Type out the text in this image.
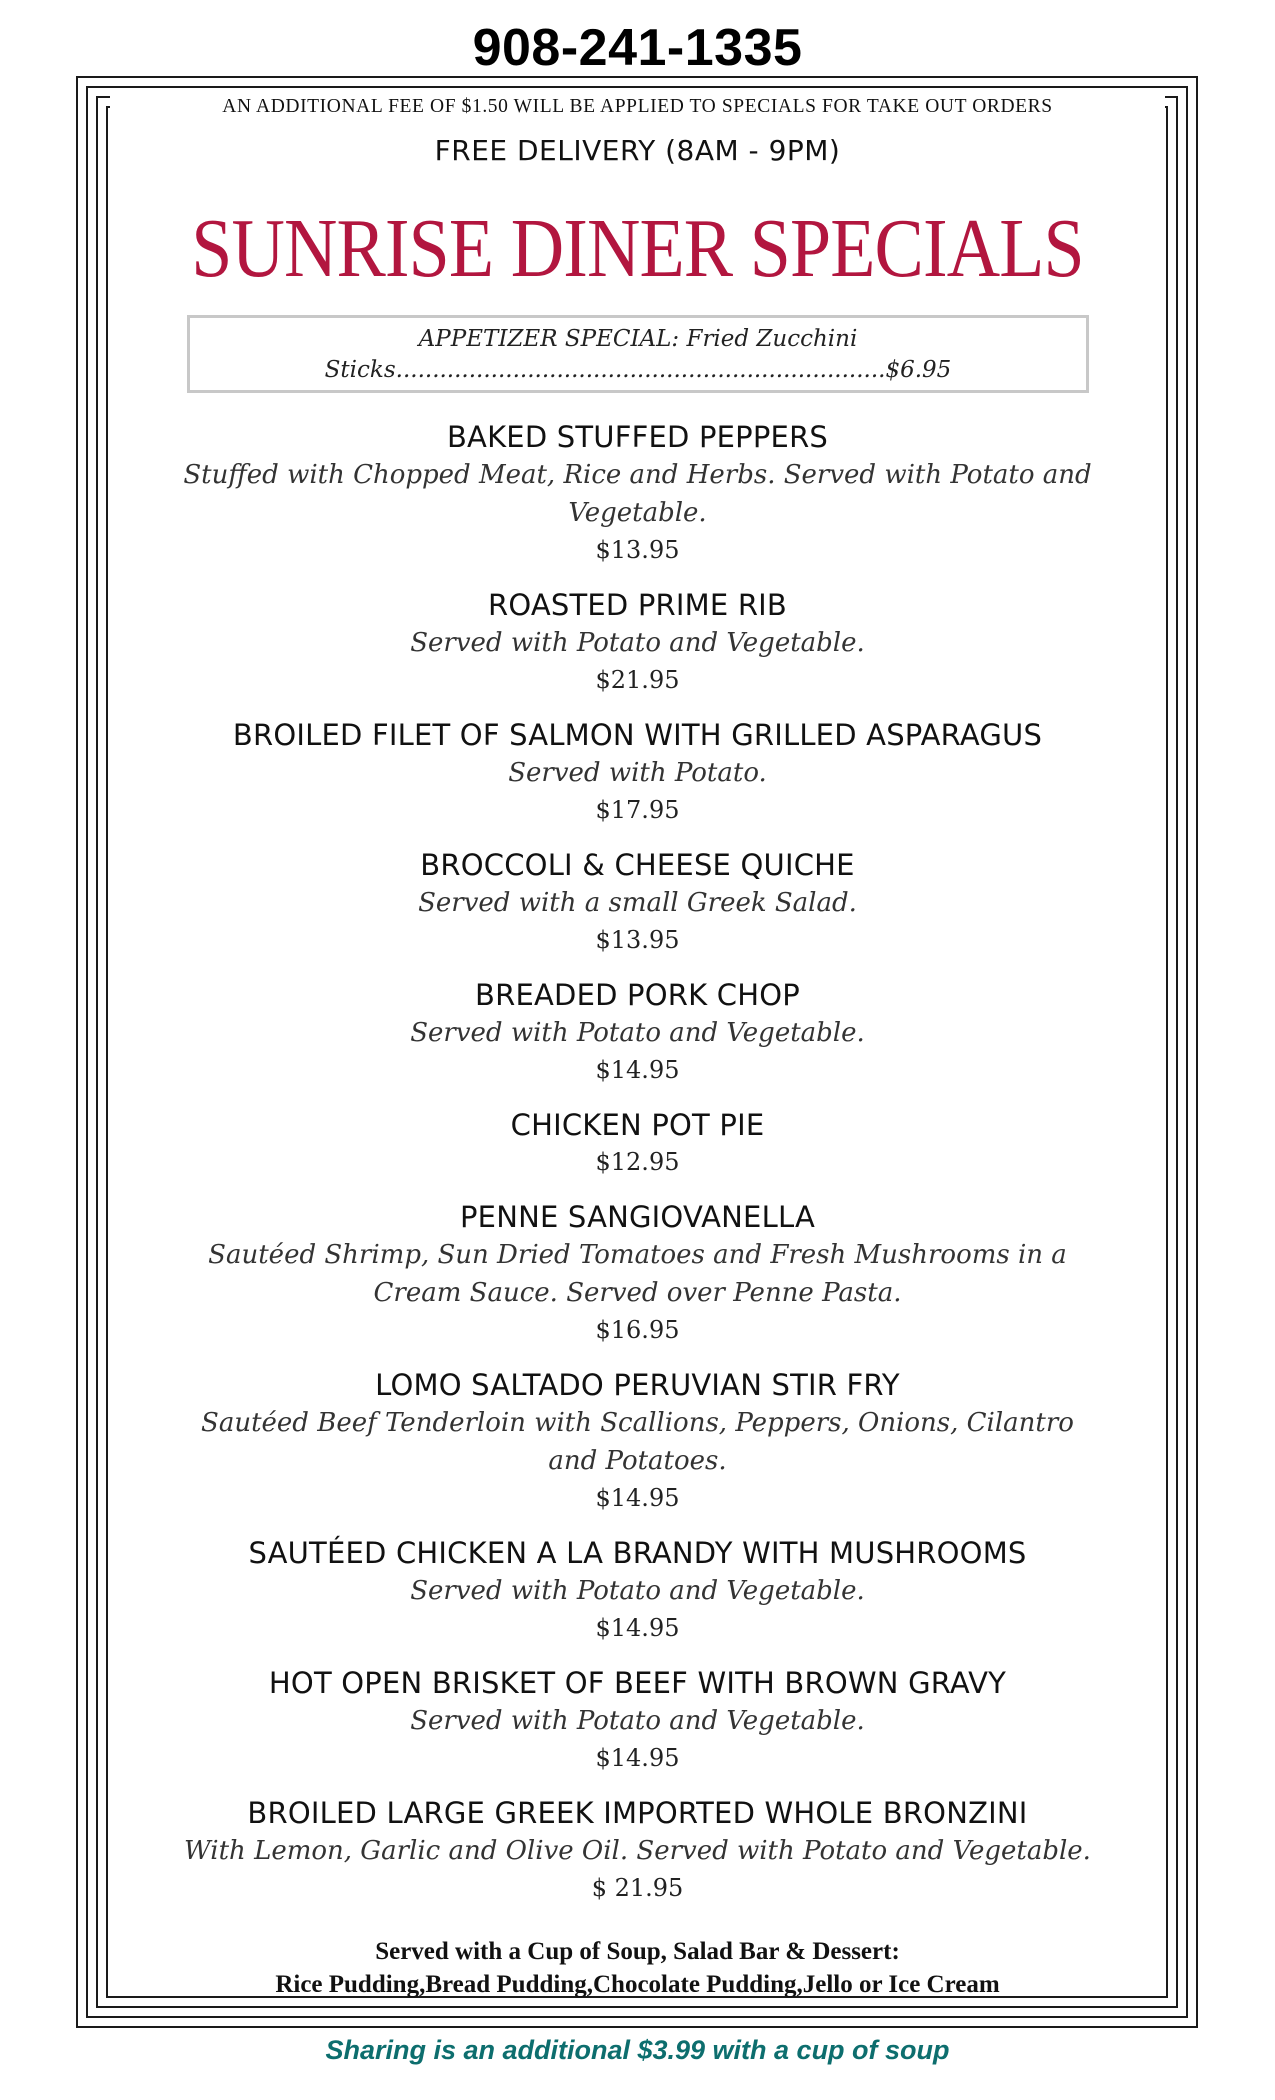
908-241-1335
AN ADDITIONAL FEE OF $1.50 WILL BE APPLIED TO SPECIALS FOR TAKE OUT ORDERS
FREE DELIVERY (8AM - 9PM)
SUNRISE DINER SPECIALS
APPETIZER SPECIAL: Fried Zucchini
Sticks...................................................................$6.95
BAKED STUFFED PEPPERS
Stuffed with Chopped Meat, Rice and Herbs. Served with Potato and Vegetable.
$13.95
ROASTED PRIME RIB
Served with Potato and Vegetable.
$21.95
BROILED FILET OF SALMON WITH GRILLED ASPARAGUS
Served with Potato.
$17.95
BROCCOLI & CHEESE QUICHE
Served with a small Greek Salad.
$13.95
BREADED PORK CHOP
Served with Potato and Vegetable.
$14.95
CHICKEN POT PIE
$12.95
PENNE SANGIOVANELLA
Sautéed Shrimp, Sun Dried Tomatoes and Fresh Mushrooms in a Cream Sauce. Served over Penne Pasta.
$16.95
LOMO SALTADO PERUVIAN STIR FRY
Sautéed Beef Tenderloin with Scallions, Peppers, Onions, Cilantro and Potatoes.
$14.95
SAUTÉED CHICKEN A LA BRANDY WITH MUSHROOMS
Served with Potato and Vegetable.
$14.95
HOT OPEN BRISKET OF BEEF WITH BROWN GRAVY
Served with Potato and Vegetable.
$14.95
BROILED LARGE GREEK IMPORTED WHOLE BRONZINI
With Lemon, Garlic and Olive Oil. Served with Potato and Vegetable.
$ 21.95
Served with a Cup of Soup, Salad Bar & Dessert:
Rice Pudding,Bread Pudding,Chocolate Pudding,Jello or Ice Cream
Sharing is an additional $3.99 with a cup of soup
